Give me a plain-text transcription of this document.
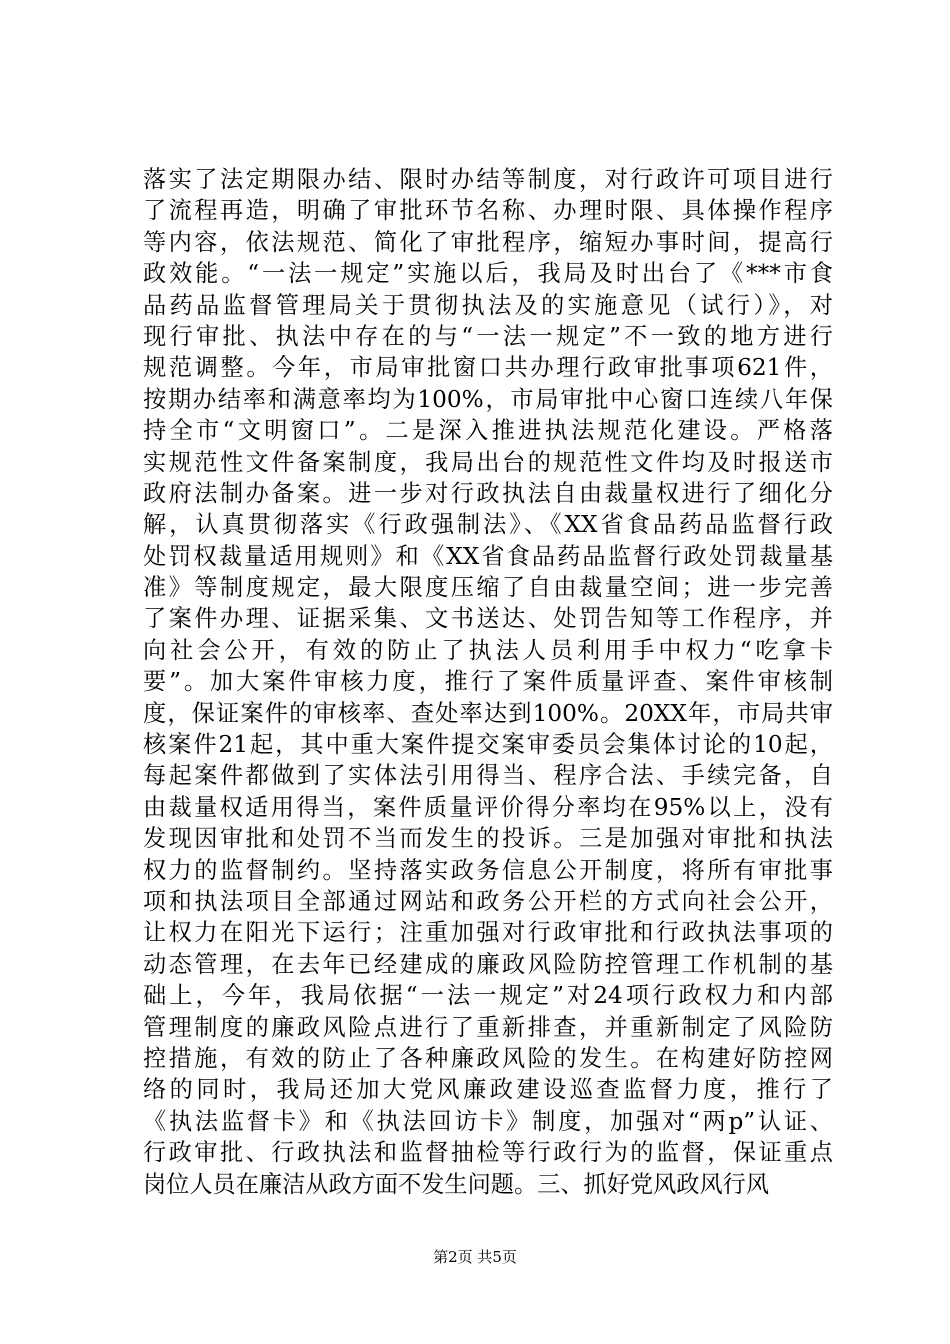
落实了法定期限办结、限时办结等制度，对行政许可项目进行
了流程再造，明确了审批环节名称、办理时限、具体操作程序
等内容，依法规范、简化了审批程序，缩短办事时间，提高行
政效能。“一法一规定”实施以后，我局及时出台了《***市食
品药品监督管理局关于贯彻执法及的实施意见（试行）》，对
现行审批、执法中存在的与“一法一规定”不一致的地方进行
规范调整。今年，市局审批窗口共办理行政审批事项621件，
按期办结率和满意率均为100%，市局审批中心窗口连续八年保
持全市“文明窗口”。二是深入推进执法规范化建设。严格落
实规范性文件备案制度，我局出台的规范性文件均及时报送市
政府法制办备案。进一步对行政执法自由裁量权进行了细化分
解，认真贯彻落实《行政强制法》、《XX省食品药品监督行政
处罚权裁量适用规则》和《XX省食品药品监督行政处罚裁量基
准》等制度规定，最大限度压缩了自由裁量空间；进一步完善
了案件办理、证据采集、文书送达、处罚告知等工作程序，并
向社会公开，有效的防止了执法人员利用手中权力“吃拿卡
要”。加大案件审核力度，推行了案件质量评查、案件审核制
度，保证案件的审核率、查处率达到100%。20XX年，市局共审
核案件21起，其中重大案件提交案审委员会集体讨论的10起，
每起案件都做到了实体法引用得当、程序合法、手续完备，自
由裁量权适用得当，案件质量评价得分率均在95%以上，没有
发现因审批和处罚不当而发生的投诉。三是加强对审批和执法
权力的监督制约。坚持落实政务信息公开制度，将所有审批事
项和执法项目全部通过网站和政务公开栏的方式向社会公开，
让权力在阳光下运行；注重加强对行政审批和行政执法事项的
动态管理，在去年已经建成的廉政风险防控管理工作机制的基
础上，今年，我局依据“一法一规定”对24项行政权力和内部
管理制度的廉政风险点进行了重新排查，并重新制定了风险防
控措施，有效的防止了各种廉政风险的发生。在构建好防控网
络的同时，我局还加大党风廉政建设巡查监督力度，推行了
《执法监督卡》和《执法回访卡》制度，加强对“两p”认证、
行政审批、行政执法和监督抽检等行政行为的监督，保证重点
岗位人员在廉洁从政方面不发生问题。三、抓好党风政风行风
第2页 共5页
